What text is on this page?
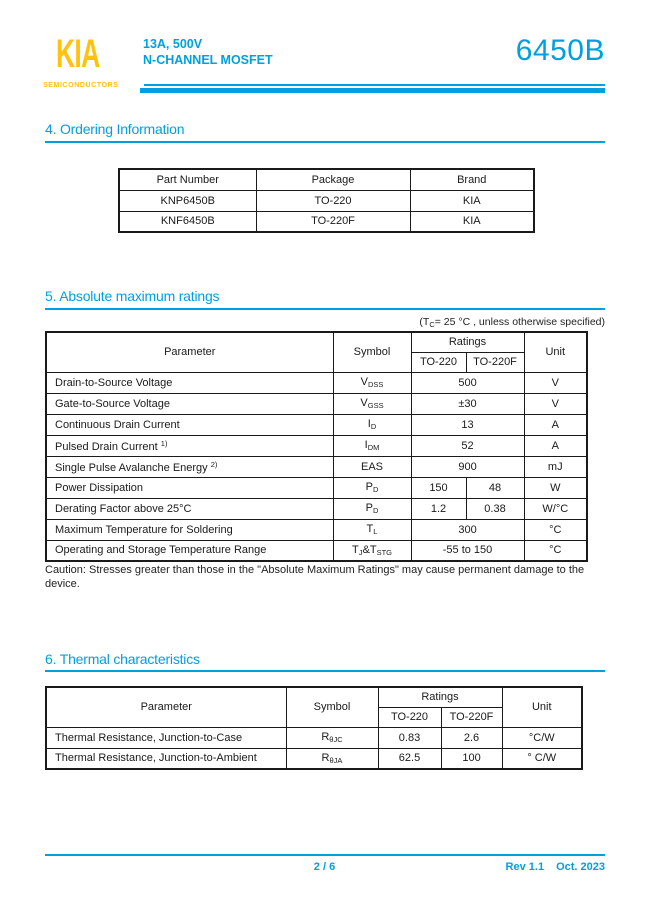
KIA
SEMICONDUCTORS
13A, 500V
N-CHANNEL MOSFET	6450B
4. Ordering Information
Part Number	Package	Brand
KNP6450B	TO-220	KIA
KNF6450B	TO-220F	KIA
5. Absolute maximum ratings
($T_C= 25$ °C , unless otherwise specified)
Parameter	Symbol	Ratings		Unit
		TO-220	TO-220F	
Drain-to-Source Voltage	$V_{DSS}$	500		V
Gate-to-Source Voltage	$V_{GSS}$	±30		V
Continuous Drain Current	$I_D$	13		A
Pulsed Drain Current $^{1)}$	$I_{DM}$	52		A
Single Pulse Avalanche Energy $^{2)}$	EAS	900		mJ
Power Dissipation	$P_D$	150	48	W
Derating Factor above 25°C	$P_D$	1.2	0.38	W/°C
Maximum Temperature for Soldering	$T_L$	300		°C
Operating and Storage Temperature Range	$T_J\&T_{STG}$	-55 to 150		°C
Caution: Stresses greater than those in the "Absolute Maximum Ratings" may cause permanent damage to the device.
6. Thermal characteristics
Parameter	Symbol	Ratings		Unit
		TO-220	TO-220F	
Thermal Resistance, Junction-to-Case	$R_{\theta JC}$	0.83	2.6	°C/W
Thermal Resistance, Junction-to-Ambient	$R_{\theta JA}$	62.5	100	° C/W
2 / 6	Rev 1.1 Oct. 2023
